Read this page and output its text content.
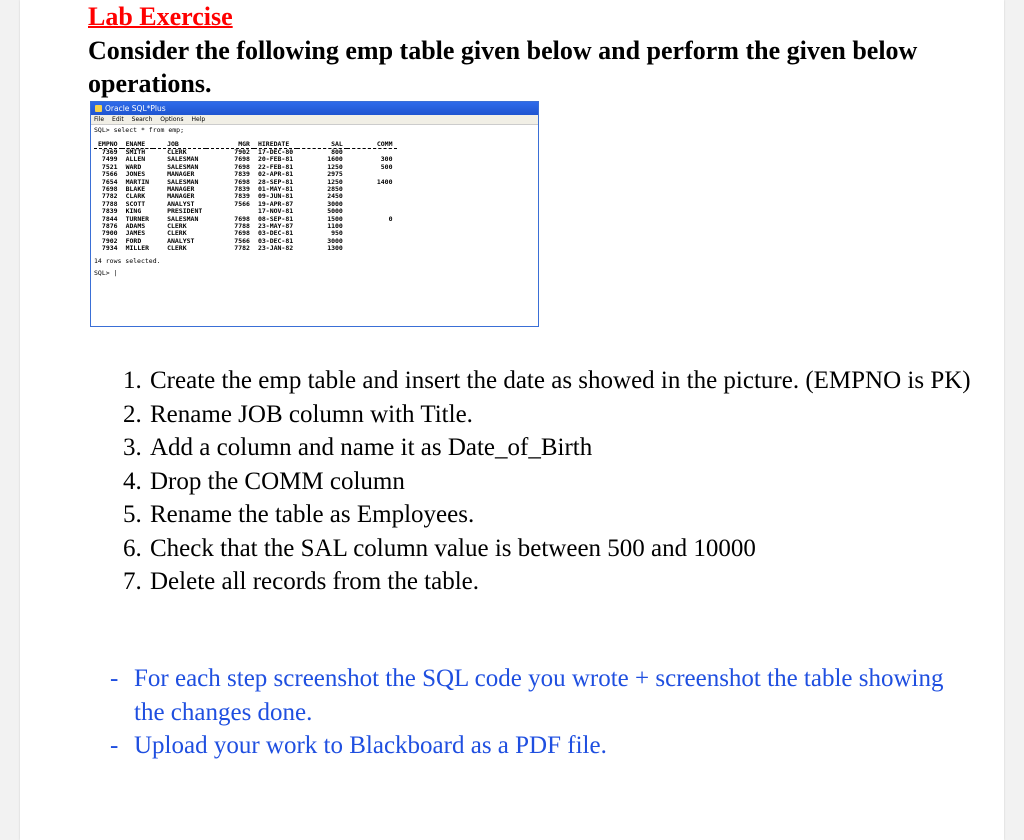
Lab Exercise
Consider the following emp table given below and perform the given below operations.
Oracle SQL*Plus
File Edit Search Options Help
SQL> select * from emp;
EMPNO	ENAME	JOB	MGR	HIREDATE	SAL	COMM
7369	SMITH	CLERK	7902	17-DEC-80	800	
7499	ALLEN	SALESMAN	7698	20-FEB-81	1600	300
7521	WARD	SALESMAN	7698	22-FEB-81	1250	500
7566	JONES	MANAGER	7839	02-APR-81	2975	
7654	MARTIN	SALESMAN	7698	28-SEP-81	1250	1400
7698	BLAKE	MANAGER	7839	01-MAY-81	2850	
7782	CLARK	MANAGER	7839	09-JUN-81	2450	
7788	SCOTT	ANALYST	7566	19-APR-87	3000	
7839	KING	PRESIDENT		17-NOV-81	5000	
7844	TURNER	SALESMAN	7698	08-SEP-81	1500	0
7876	ADAMS	CLERK	7788	23-MAY-87	1100	
7900	JAMES	CLERK	7698	03-DEC-81	950	
7902	FORD	ANALYST	7566	03-DEC-81	3000	
7934	MILLER	CLERK	7782	23-JAN-82	1300	
14 rows selected.
SQL> |
1. Create the emp table and insert the date as showed in the picture. (EMPNO is PK)
2. Rename JOB column with Title.
3. Add a column and name it as Date_of_Birth
4. Drop the COMM column
5. Rename the table as Employees.
6. Check that the SAL column value is between 500 and 10000
7. Delete all records from the table.
- For each step screenshot the SQL code you wrote + screenshot the table showing the changes done.
- Upload your work to Blackboard as a PDF file.
